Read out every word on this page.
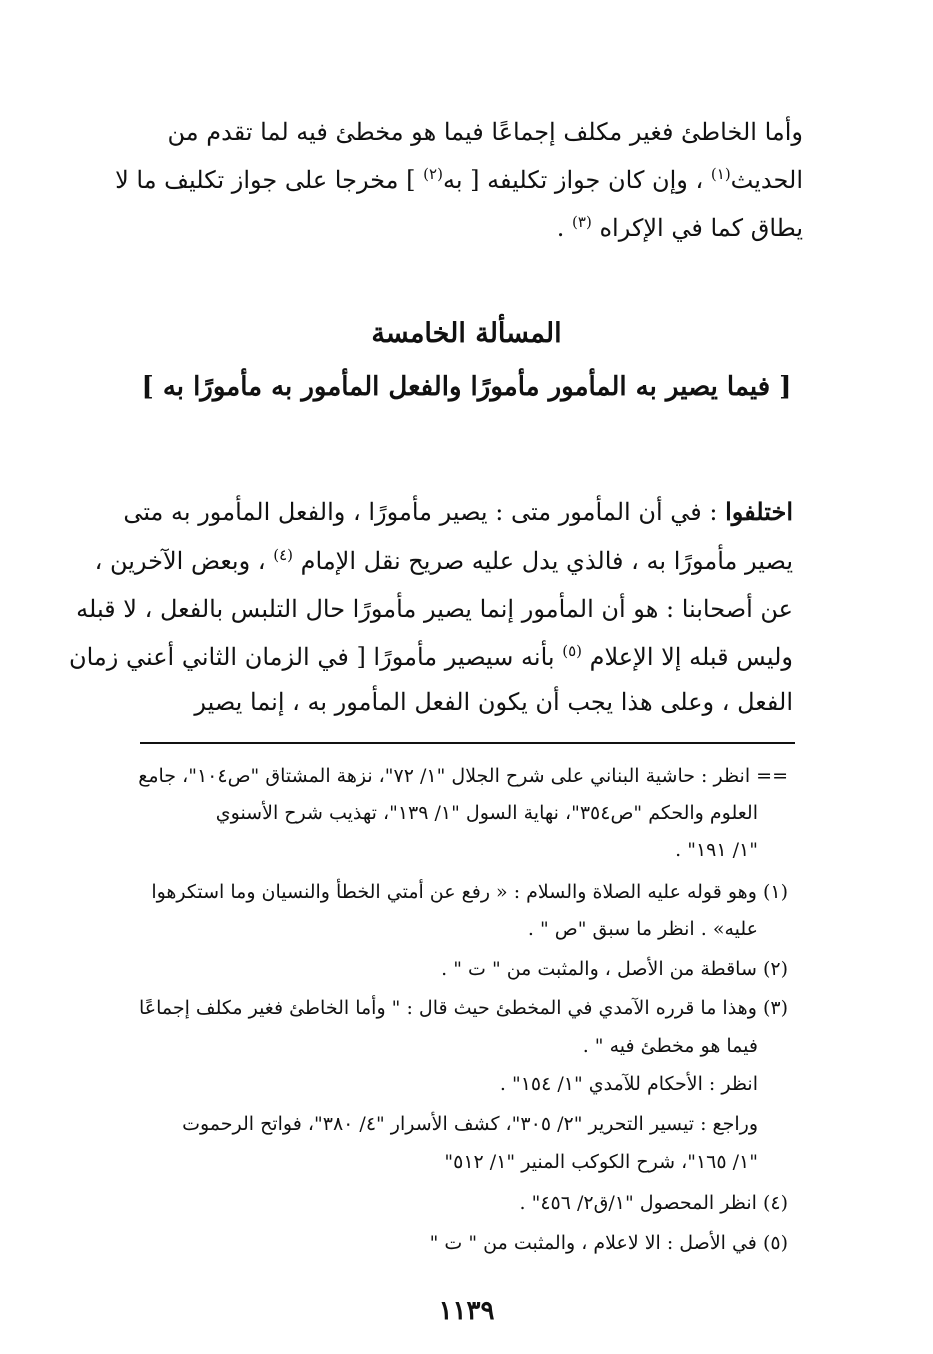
وأما الخاطئ فغير مكلف إجماعًا فيما هو مخطئ فيه لما تقدم من
الحديث$^{(١)}$ ، وإن كان جواز تكليفه [ به$^{(٢)}$ ] مخرجا على جواز تكليف ما لا
يطاق كما في الإكراه $^{(٣)}$ .
المسألة الخامسة
[ فيما يصير به المأمور مأمورًا والفعل المأمور به مأمورًا به ]
اختلفوا : في أن المأمور متى : يصير مأمورًا ، والفعل المأمور به متى
يصير مأمورًا به ، فالذي يدل عليه صريح نقل الإمام $^{(٤)}$ ، وبعض الآخرين ،
عن أصحابنا : هو أن المأمور إنما يصير مأمورًا حال التلبس بالفعل ، لا قبله
وليس قبله إلا الإعلام $^{(٥)}$ بأنه سيصير مأمورًا [ في الزمان الثاني أعني زمان
الفعل ، وعلى هذا يجب أن يكون الفعل المأمور به ، إنما يصير
== انظر : حاشية البناني على شرح الجلال "١/ ٧٢"، نزهة المشتاق "ص١٠٤"، جامع
العلوم والحكم "ص٣٥٤"، نهاية السول "١/ ١٣٩"، تهذيب شرح الأسنوي
"١/ ١٩١" .
(١) وهو قوله عليه الصلاة والسلام : « رفع عن أمتي الخطأ والنسيان وما استكرهوا
عليه» . انظر ما سبق "ص " .
(٢) ساقطة من الأصل ، والمثبت من " ت " .
(٣) وهذا ما قرره الآمدي في المخطئ حيث قال : " وأما الخاطئ فغير مكلف إجماعًا
فيما هو مخطئ فيه " .
انظر : الأحكام للآمدي "١/ ١٥٤" .
وراجع : تيسير التحرير "٢/ ٣٠٥"، كشف الأسرار "٤/ ٣٨٠"، فواتح الرحموت
"١/ ١٦٥"، شرح الكوكب المنير "١/ ٥١٢"
(٤) انظر المحصول "١/ق٢/ ٤٥٦" .
(٥) في الأصل : الا لاعلام ، والمثبت من " ت "
١١٣٩
